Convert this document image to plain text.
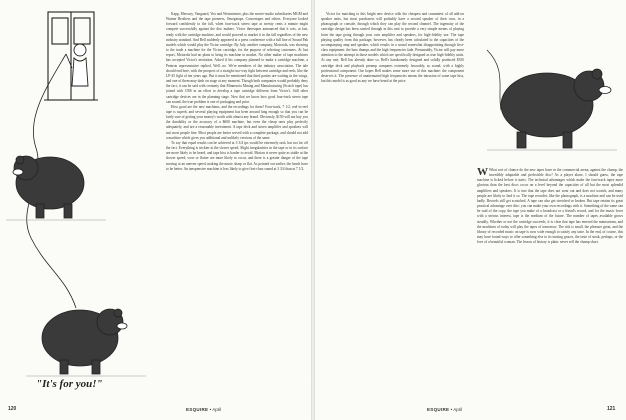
"It's for you!"

Kapp, Mercury, Vanguard, Vox and Westminster, plus the movie-studio subsidiaries MGM and Warner Brothers and the tape pioneers, Omegatape, Concertapes and others. Everyone looked forward confidently to the fall, when four-track stereo tape at twenty cents a minute might compete successfully against the disc makers. Victor thereupon announced that it was, at last, ready with the cartridge machine, and would proceed to market it in the fall regardless of the new industry standard. And Bell suddenly appeared at a press conference with a full line of Sound Pak models which would play the Victor cartridge. By July, another company, Motorola, was showing to the trade a machine for the Victor cartridge, for the purpose of selecting customers. At last report, Motorola had no plans to bring its machine to market. No other maker of tape machines has accepted Victor's invitation. Asked if his company planned to make a cartridge machine, a Pentron representative replied, Well, no. We're members of the industry association. The tale should end here, with the prospect of a straight two-way fight between cartridge and reels, like the LP-45 fight of ten years ago. But it must be mentioned that third parties are waiting in the wings, and one of them may dash on stage at any moment. Though both companies would probably deny the fact, it can be said with certainty that Minnesota Mining and Manufacturing (Scotch tape) has joined with CBS in an effort to develop a tape cartridge different from Victor's. Still other cartridge devices are in the planning stage. Now that we know how good four-track stereo tape can sound, the true problem is one of packaging and price.

How good are the new machines, and the recordings for them? Four-track, 7 1/2, reel-to-reel tape is superb, and several playing equipment has been around long enough so that you can be fairly sure of getting your money's worth with almost any brand. Obviously, $150 will not buy you the durability or the accuracy of a $600 machine, but even the cheap ones play perfectly adequately, and are a reasonable investment. A tape deck and stereo amplifier and speakers will suit most people fine. Most people are better served with a complete package, and should not add a machine which gives you additional and unlikely versions of the same.

To say that equal results can be achieved at 3 3/4 ips would be extremely rash, but not far off the fact. Everything is trickier at the slower speed. Slight irregularities in the tape or in its surface are more likely to be heard, and tape hiss is harder to avoid. Motion is never quite as stable at the slower speed; wow or flutter are more likely to occur, and there is a greater danger of the tape moving at an uneven speed, making the music sharp or flat. As pointed out earlier, the heads have to be better. An inexpensive machine is less likely to give first-class sound at 3 3/4 than at 7 1/2.

120	ESQUIRE • April

Victor for matching to this bright new device with the cheapest and crummiest of all add-on speaker units, but most purchasers will probably have a second speaker of their own, in a phonograph or console, through which they can play the second channel. The ingenuity of the cartridge design has been carried through in this unit to provide a very simple means of playing from the tape going through your own amplifier and speakers, for high-fidelity use. The tape playing quality from this package, however, has clearly been calculated to the capacities of the accompanying amp and speaker, which results in a sound somewhat disappointing through first-class equipment: the bass thumps and the high frequencies fade. Presumably, Victor will pay more attention to the attempt in those models which are specifically designed as true high-fidelity units. At any rate, Bell has already done so. Bell's handsomely designed and solidly produced $350 cartridge deck and playback preamp compares extremely favorably, as sound, with a highly professional component. Our hopes Bell makes some more use of this machine: the component deserves it. The presence of unattenuated high frequencies means the intrusion of some tape hiss, but this model is as good as any we have heard at the price.

W What sort of chance do the new tapes have in the commercial arena, against the champ, the incredibly adaptable and perfectible disc? As a player alone, I should guess, the tape machine is licked before it starts. The technical advantages which make the four-track tapes more glorious than the best discs occur on a level beyond the capacities of all but the most splendid amplifiers and speakers. It is true that the tape does not wear out and does not scratch, and many people are likely to find it so. The tape recorder, like the phonograph, is a machine and can be used badly. Records still get scratched. A tape can also get stretched or broken. But tape retains its great practical advantage over disc: you can make your own recordings with it. Something of the same can be said of the copy, the tape you make of a broadcast or a friend's record, and for the music lover with a serious interest, tape is the medium of the future. The number of tapes available grows steadily. Whether or not the cartridge succeeds, it is clear that tape has entered the mainstream, and the machines of today will play the tapes of tomorrow. The risk is small, the pleasure great, and the library of recorded music on tape is now wide enough to satisfy any taste. In the end, of course, this may have found ways to offer something else to its turning graces, the taste of steak, perhaps, or the love of a beautiful woman. The lesson of history is plain: never sell the champ short.

ESQUIRE • April	121
